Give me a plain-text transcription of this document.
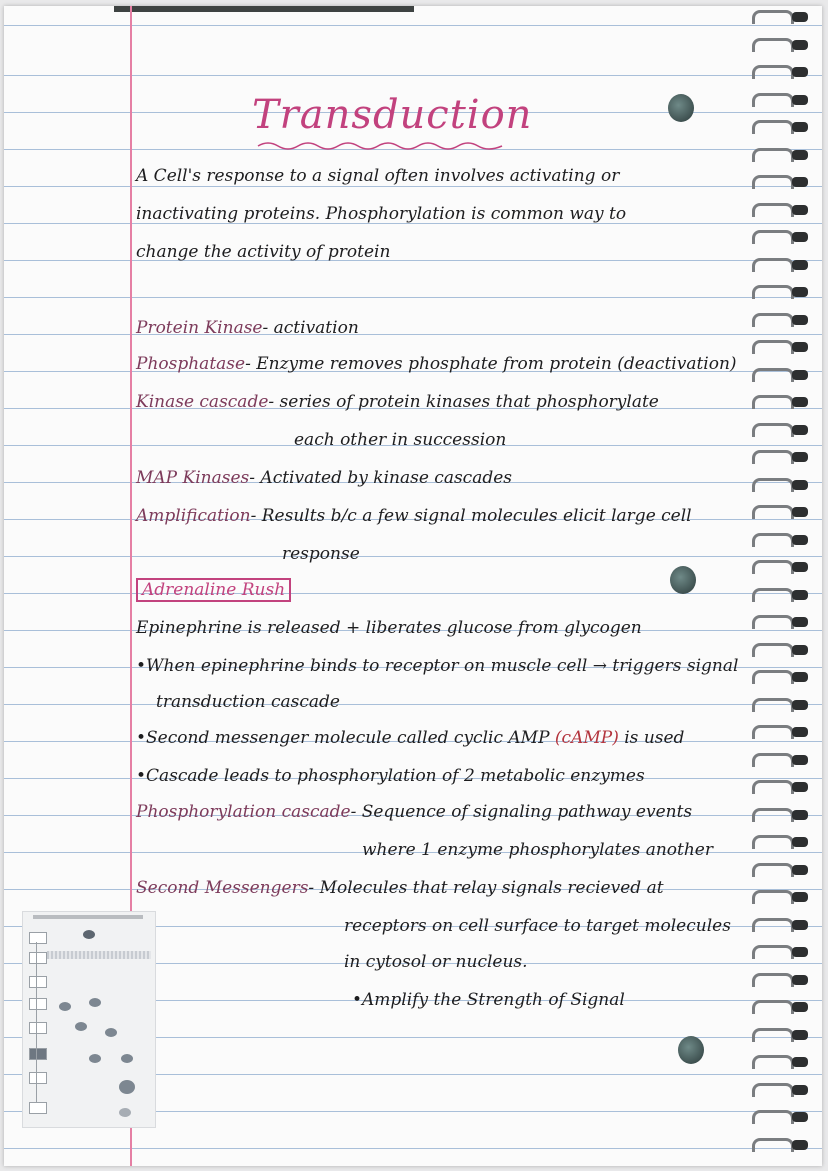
Transduction
A Cell's response to a signal often involves activating or
inactivating proteins. Phosphorylation is common way to
change the activity of protein
Protein Kinase- activation
Phosphatase- Enzyme removes phosphate from protein (deactivation)
Kinase cascade- series of protein kinases that phosphorylate
each other in succession
MAP Kinases- Activated by kinase cascades
Amplification- Results b/c a few signal molecules elicit large cell
response
Adrenaline Rush
Epinephrine is released + liberates glucose from glycogen
•When epinephrine binds to receptor on muscle cell → triggers signal
transduction cascade
•Second messenger molecule called cyclic AMP (cAMP) is used
•Cascade leads to phosphorylation of 2 metabolic enzymes
Phosphorylation cascade- Sequence of signaling pathway events
where 1 enzyme phosphorylates another
Second Messengers- Molecules that relay signals recieved at
receptors on cell surface to target molecules
in cytosol or nucleus.
•Amplify the Strength of Signal
